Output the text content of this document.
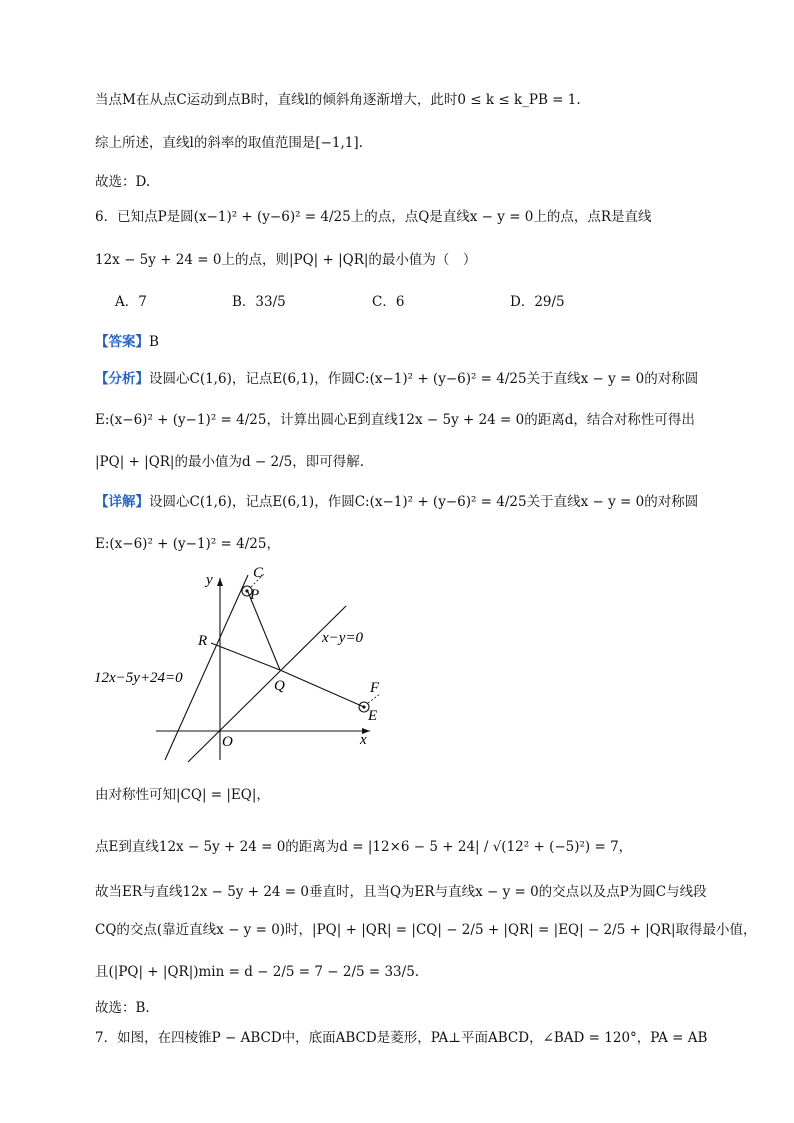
当点M在从点C运动到点B时，直线l的倾斜角逐渐增大，此时0 ≤ k ≤ k_PB = 1.
综上所述，直线l的斜率的取值范围是[−1,1].
故选：D.
6．已知点P是圆(x−1)² + (y−6)² = 4/25上的点，点Q是直线x − y = 0上的点，点R是直线
12x − 5y + 24 = 0上的点，则|PQ| + |QR|的最小值为（　）
A．7	B．33/5	C．6	D．29/5
【答案】B
【分析】设圆心C(1,6)，记点E(6,1)，作圆C:(x−1)² + (y−6)² = 4/25关于直线x − y = 0的对称圆
E:(x−6)² + (y−1)² = 4/25，计算出圆心E到直线12x − 5y + 24 = 0的距离d，结合对称性可得出
|PQ| + |QR|的最小值为d − 2/5，即可得解.
【详解】设圆心C(1,6)，记点E(6,1)，作圆C:(x−1)² + (y−6)² = 4/25关于直线x − y = 0的对称圆
E:(x−6)² + (y−1)² = 4/25，
y
x
O
C
P
R
Q	F
E
x−y=0
12x−5y+24=0
由对称性可知|CQ| = |EQ|，
点E到直线12x − 5y + 24 = 0的距离为d = |12×6 − 5 + 24| / √(12² + (−5)²) = 7，
故当ER与直线12x − 5y + 24 = 0垂直时，且当Q为ER与直线x − y = 0的交点以及点P为圆C与线段
CQ的交点(靠近直线x − y = 0)时，|PQ| + |QR| = |CQ| − 2/5 + |QR| = |EQ| − 2/5 + |QR|取得最小值，
且(|PQ| + |QR|)min = d − 2/5 = 7 − 2/5 = 33/5.
故选：B.
7．如图，在四棱锥P − ABCD中，底面ABCD是菱形，PA⊥平面ABCD，∠BAD = 120°，PA = AB
